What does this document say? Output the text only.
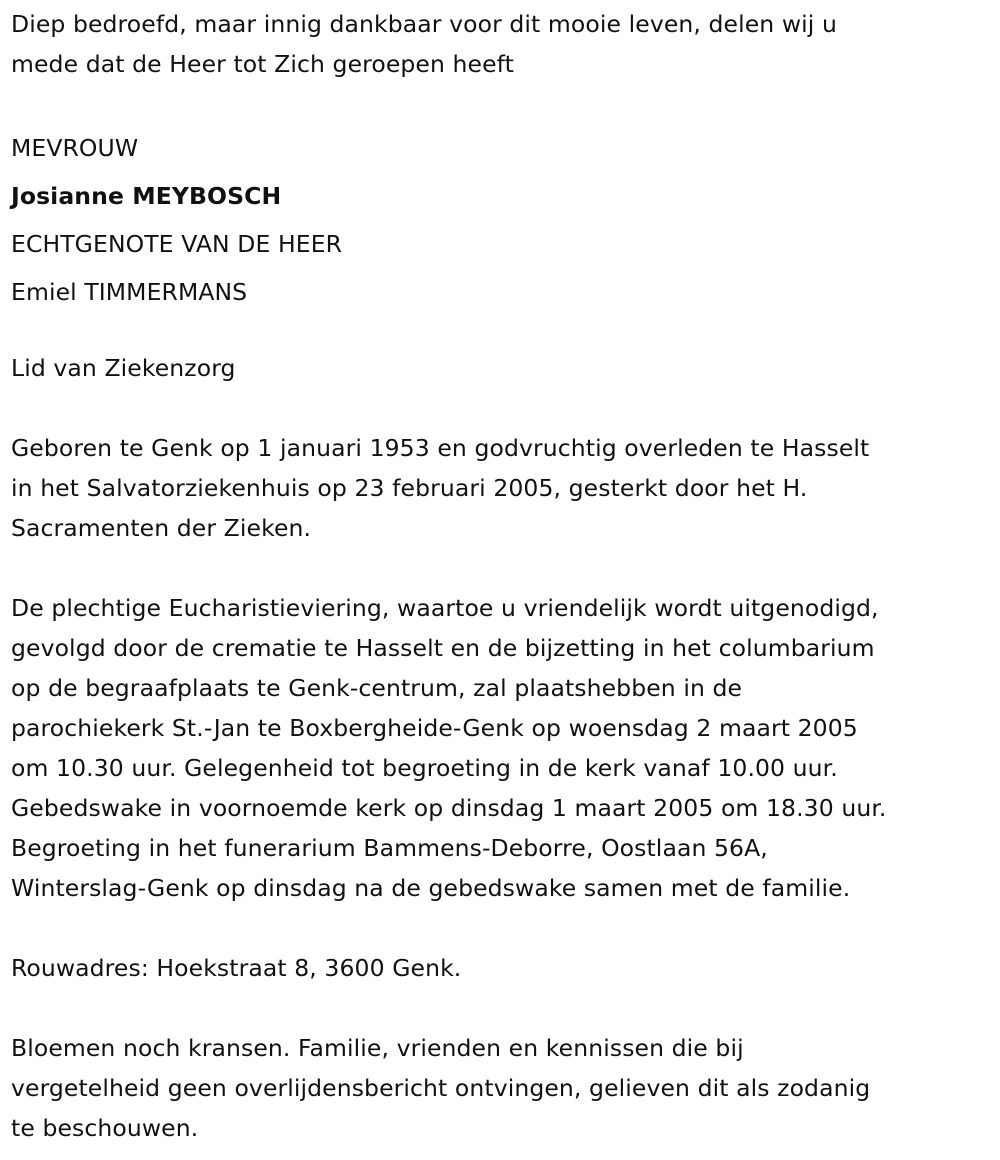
Diep bedroefd, maar innig dankbaar voor dit mooie leven, delen wij u

mede dat de Heer tot Zich geroepen heeft

MEVROUW

Josianne MEYBOSCH

ECHTGENOTE VAN DE HEER

Emiel TIMMERMANS

Lid van Ziekenzorg

Geboren te Genk op 1 januari 1953 en godvruchtig overleden te Hasselt

in het Salvatorziekenhuis op 23 februari 2005, gesterkt door het H.

Sacramenten der Zieken.

De plechtige Eucharistieviering, waartoe u vriendelijk wordt uitgenodigd,

gevolgd door de crematie te Hasselt en de bijzetting in het columbarium

op de begraafplaats te Genk-centrum, zal plaatshebben in de

parochiekerk St.-Jan te Boxbergheide-Genk op woensdag 2 maart 2005

om 10.30 uur. Gelegenheid tot begroeting in de kerk vanaf 10.00 uur.

Gebedswake in voornoemde kerk op dinsdag 1 maart 2005 om 18.30 uur.

Begroeting in het funerarium Bammens-Deborre, Oostlaan 56A,

Winterslag-Genk op dinsdag na de gebedswake samen met de familie.

Rouwadres: Hoekstraat 8, 3600 Genk.

Bloemen noch kransen. Familie, vrienden en kennissen die bij

vergetelheid geen overlijdensbericht ontvingen, gelieven dit als zodanig

te beschouwen.
